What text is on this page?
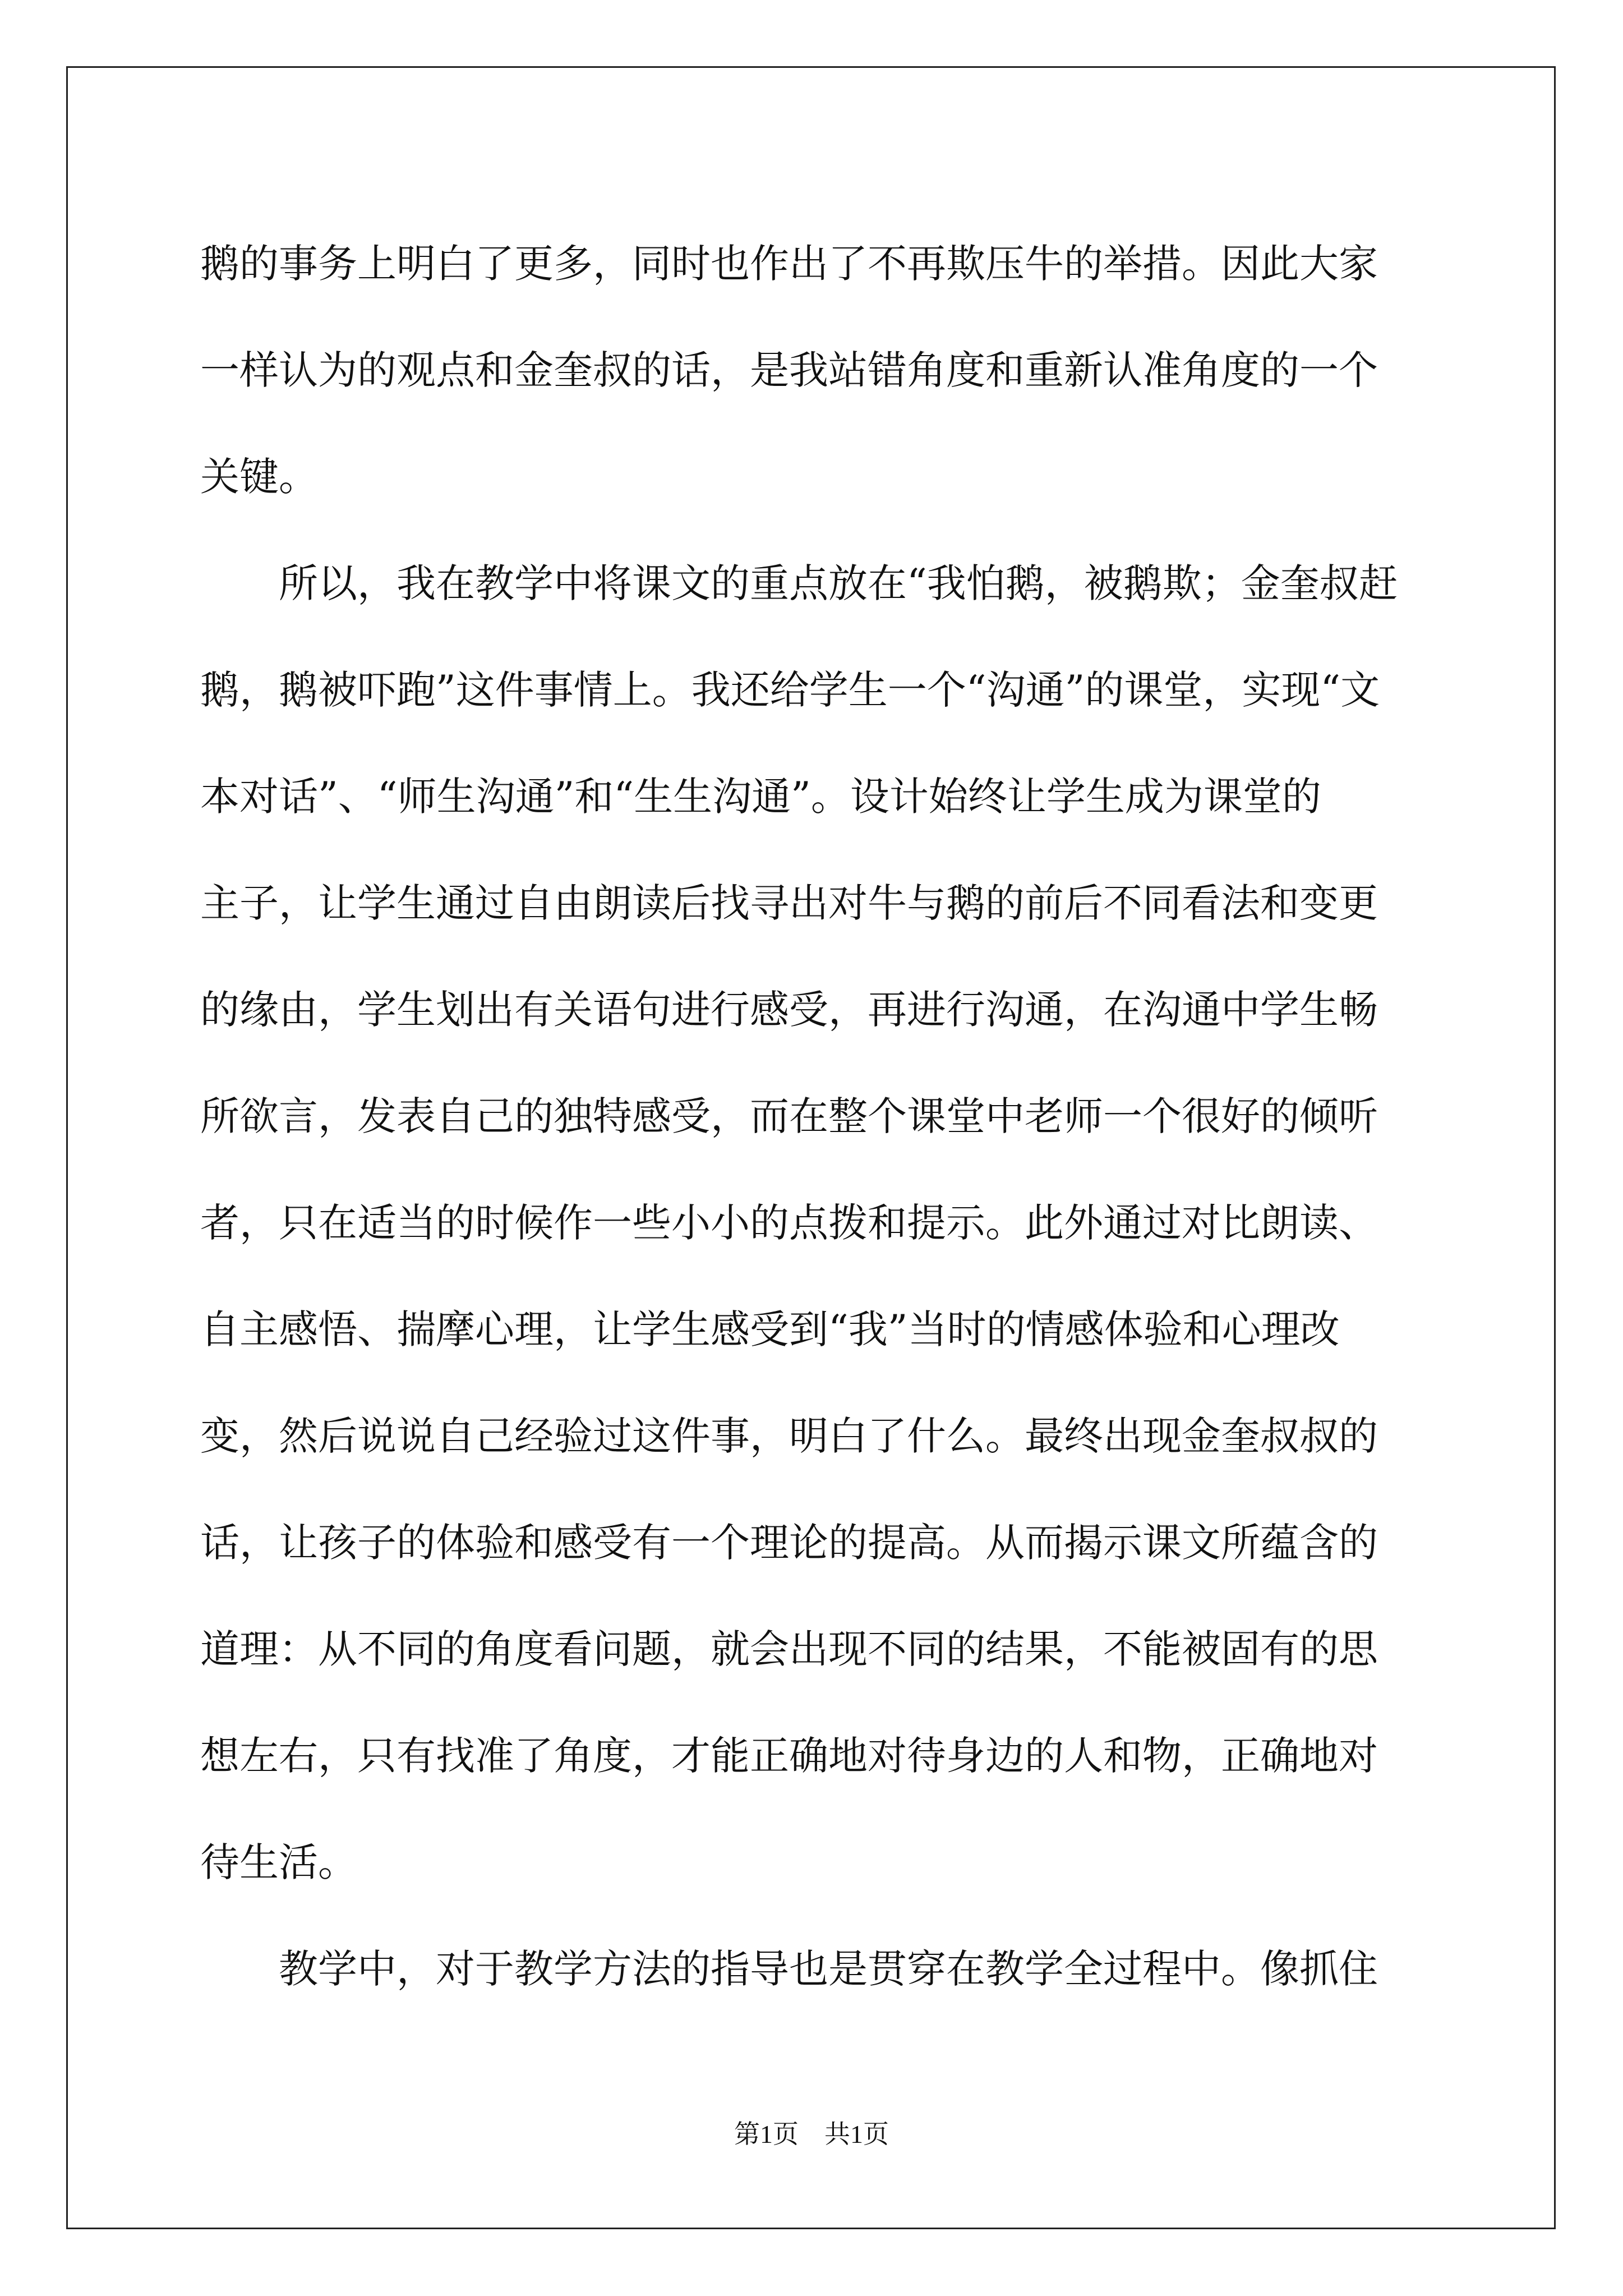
鹅的事务上明白了更多，同时也作出了不再欺压牛的举措。因此大家
一样认为的观点和金奎叔的话，是我站错角度和重新认准角度的一个
关键。
　　所以，我在教学中将课文的重点放在“我怕鹅，被鹅欺；金奎叔赶
鹅，鹅被吓跑”这件事情上。我还给学生一个“沟通”的课堂，实现“文
本对话”、“师生沟通”和“生生沟通”。设计始终让学生成为课堂的
主子，让学生通过自由朗读后找寻出对牛与鹅的前后不同看法和变更
的缘由，学生划出有关语句进行感受，再进行沟通，在沟通中学生畅
所欲言，发表自己的独特感受，而在整个课堂中老师一个很好的倾听
者，只在适当的时候作一些小小的点拨和提示。此外通过对比朗读、
自主感悟、揣摩心理，让学生感受到“我”当时的情感体验和心理改
变，然后说说自己经验过这件事，明白了什么。最终出现金奎叔叔的
话，让孩子的体验和感受有一个理论的提高。从而揭示课文所蕴含的
道理：从不同的角度看问题，就会出现不同的结果，不能被固有的思
想左右，只有找准了角度，才能正确地对待身边的人和物，正确地对
待生活。
　　教学中，对于教学方法的指导也是贯穿在教学全过程中。像抓住
第1页 共1页
